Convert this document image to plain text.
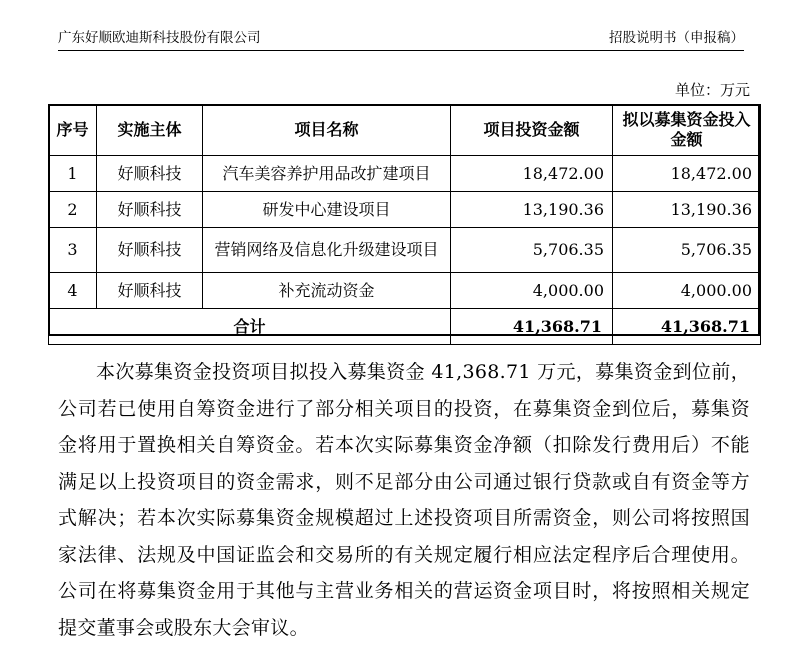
广东好顺欧迪斯科技股份有限公司	招股说明书（申报稿）
单位：万元
序号	实施主体	项目名称	项目投资金额	拟以募集资金投入金额
1	好顺科技	汽车美容养护用品改扩建项目	18,472.00	18,472.00
2	好顺科技	研发中心建设项目	13,190.36	13,190.36
3	好顺科技	营销网络及信息化升级建设项目	5,706.35	5,706.35
4	好顺科技	补充流动资金	4,000.00	4,000.00
合计			41,368.71	41,368.71

本次募集资金投资项目拟投入募集资金 41,368.71 万元，募集资金到位前，公司若已使用自筹资金进行了部分相关项目的投资，在募集资金到位后，募集资金将用于置换相关自筹资金。若本次实际募集资金净额（扣除发行费用后）不能满足以上投资项目的资金需求，则不足部分由公司通过银行贷款或自有资金等方式解决；若本次实际募集资金规模超过上述投资项目所需资金，则公司将按照国家法律、法规及中国证监会和交易所的有关规定履行相应法定程序后合理使用。公司在将募集资金用于其他与主营业务相关的营运资金项目时，将按照相关规定提交董事会或股东大会审议。
